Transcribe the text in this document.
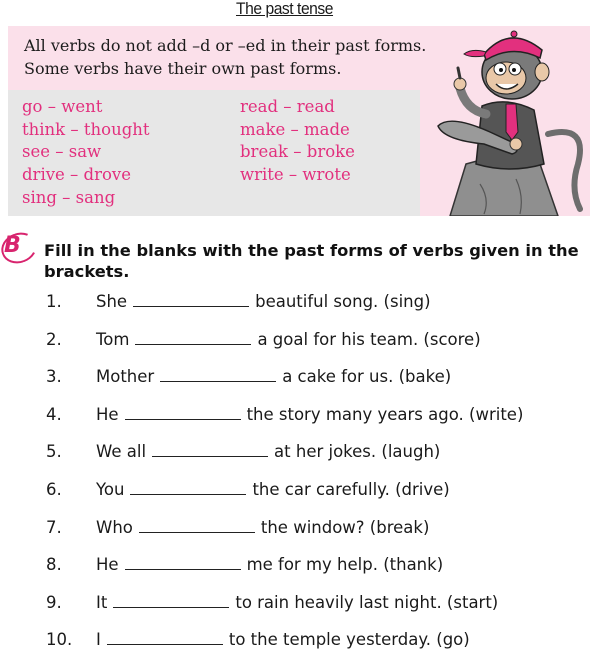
The past tense

All verbs do not add –d or –ed in their past forms.
Some verbs have their own past forms.

go – went
think – thought
see – saw
drive – drove
sing – sang
read – read
make – made
break – broke
write – wrote
B Fill in the blanks with the past forms of verbs given in the brackets.

1. She	beautiful song. (sing)
2. Tom	a goal for his team. (score)
3. Mother	a cake for us. (bake)
4. He	the story many years ago. (write)
5. We all	at her jokes. (laugh)
6. You	the car carefully. (drive)
7. Who	the window? (break)
8. He	me for my help. (thank)
9. It	to rain heavily last night. (start)
10. I	to the temple yesterday. (go)
